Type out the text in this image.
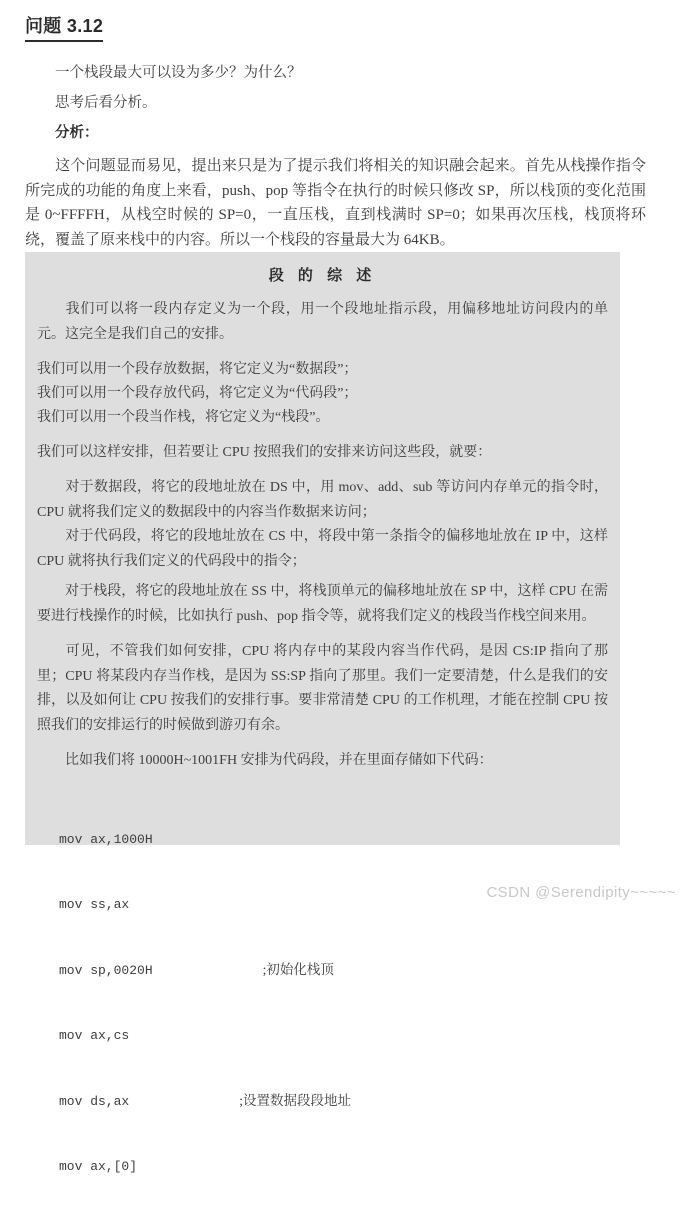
问题 3.12

一个栈段最大可以设为多少？为什么？

思考后看分析。

分析：

这个问题显而易见，提出来只是为了提示我们将相关的知识融会起来。首先从栈操作指令所完成的功能的角度上来看，push、pop 等指令在执行的时候只修改 SP，所以栈顶的变化范围是 0~FFFFH，从栈空时候的 SP=0，一直压栈，直到栈满时 SP=0；如果再次压栈，栈顶将环绕，覆盖了原来栈中的内容。所以一个栈段的容量最大为 64KB。
段 的 综 述

我们可以将一段内存定义为一个段，用一个段地址指示段，用偏移地址访问段内的单元。这完全是我们自己的安排。

我们可以用一个段存放数据，将它定义为“数据段”；

我们可以用一个段存放代码，将它定义为“代码段”；

我们可以用一个段当作栈，将它定义为“栈段”。

我们可以这样安排，但若要让 CPU 按照我们的安排来访问这些段，就要：

对于数据段，将它的段地址放在 DS 中，用 mov、add、sub 等访问内存单元的指令时，CPU 就将我们定义的数据段中的内容当作数据来访问；

对于代码段，将它的段地址放在 CS 中，将段中第一条指令的偏移地址放在 IP 中，这样 CPU 就将执行我们定义的代码段中的指令；

对于栈段，将它的段地址放在 SS 中，将栈顶单元的偏移地址放在 SP 中，这样 CPU 在需要进行栈操作的时候，比如执行 push、pop 指令等，就将我们定义的栈段当作栈空间来用。

可见，不管我们如何安排，CPU 将内存中的某段内容当作代码，是因 CS:IP 指向了那里；CPU 将某段内存当作栈，是因为 SS:SP 指向了那里。我们一定要清楚，什么是我们的安排，以及如何让 CPU 按我们的安排行事。要非常清楚 CPU 的工作机理，才能在控制 CPU 按照我们的安排运行的时候做到游刃有余。

比如我们将 10000H~1001FH 安排为代码段，并在里面存储如下代码：

mov ax,1000H

mov ss,ax

mov sp,0020H	;初始化栈顶

mov ax,cs

mov ds,ax	;设置数据段段地址

mov ax,[0]

CSDN @Serendipity~~~~~
